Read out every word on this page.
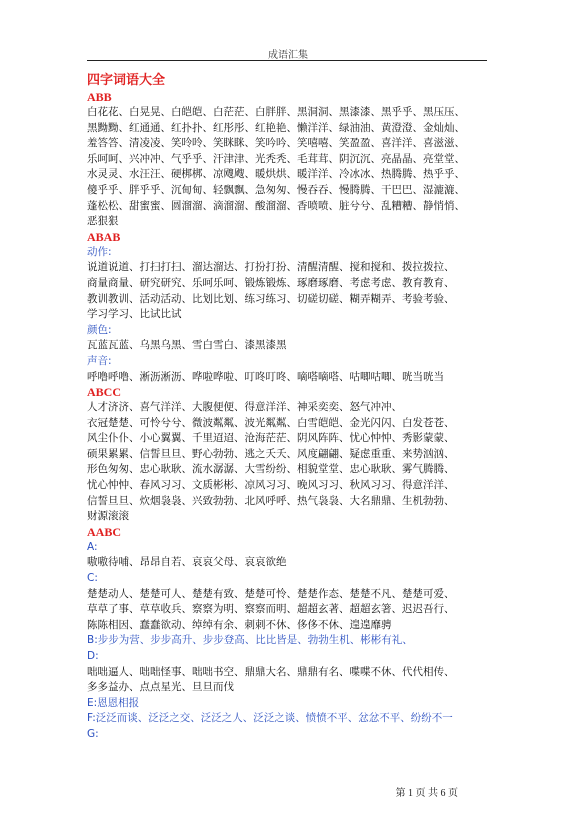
成语汇集

四字词语大全

ABB

白花花、白晃晃、白皑皑、白茫茫、白胖胖、黑洞洞、黑漆漆、黑乎乎、黑压压、

黑黝黝、红通通、红扑扑、红彤彤、红艳艳、懒洋洋、绿油油、黄澄澄、金灿灿、

羞答答、清凌凌、笑呤呤、笑眯眯、笑吟吟、笑嘻嘻、笑盈盈、喜洋洋、喜滋滋、

乐呵呵、兴冲冲、气乎乎、汗津津、光秃秃、毛茸茸、阴沉沉、亮晶晶、亮堂堂、

水灵灵、水汪汪、硬梆梆、凉飕飕、暖烘烘、暖洋洋、冷冰冰、热腾腾、热乎乎、

傻乎乎、胖乎乎、沉甸甸、轻飘飘、急匆匆、慢吞吞、慢腾腾、干巴巴、湿漉漉、

蓬松松、甜蜜蜜、圆溜溜、滴溜溜、酸溜溜、香喷喷、脏兮兮、乱糟糟、静悄悄、

恶狠狠

ABAB

动作:

说道说道、打扫打扫、溜达溜达、打扮打扮、清醒清醒、搅和搅和、拨拉拨拉、

商量商量、研究研究、乐呵乐呵、锻炼锻炼、琢磨琢磨、考虑考虑、教育教育、

教训教训、活动活动、比划比划、练习练习、切磋切磋、糊弄糊弄、考验考验、

学习学习、比试比试

颜色:

瓦蓝瓦蓝、乌黑乌黑、雪白雪白、漆黑漆黑

声音:

呼噜呼噜、淅沥淅沥、哗啦哗啦、叮咚叮咚、嘀嗒嘀嗒、咕唧咕唧、咣当咣当

ABCC

人才济济、喜气洋洋、大腹便便、得意洋洋、神采奕奕、怒气冲冲、

衣冠楚楚、可怜兮兮、微波粼粼、波光粼粼、白雪皑皑、金光闪闪、白发苍苍、

风尘仆仆、小心翼翼、千里迢迢、沧海茫茫、阴风阵阵、忧心忡忡、秀影蒙蒙、

硕果累累、信誓旦旦、野心勃勃、逃之夭夭、风度翩翩、疑虑重重、来势汹汹、

形色匆匆、忠心耿耿、流水潺潺、大雪纷纷、相貌堂堂、忠心耿耿、雾气腾腾、

忧心忡忡、春风习习、文质彬彬、凉风习习、晚风习习、秋风习习、得意洋洋、

信誓旦旦、炊烟袅袅、兴致勃勃、北风呼呼、热气袅袅、大名鼎鼎、生机勃勃、

财源滚滚

AABC

A:

嗷嗷待哺、昂昂自若、哀哀父母、哀哀欲绝

C:

楚楚动人、楚楚可人、楚楚有致、楚楚可怜、楚楚作态、楚楚不凡、楚楚可爱、

草草了事、草草收兵、察察为明、察察而明、超超玄著、超超玄箸、迟迟吾行、

陈陈相因、蠢蠢欲动、绰绰有余、刺刺不休、侈侈不休、遑遑靡骋

B:步步为营、步步高升、步步登高、比比皆是、勃勃生机、彬彬有礼、

D:

咄咄逼人、咄咄怪事、咄咄书空、鼎鼎大名、鼎鼎有名、喋喋不休、代代相传、

多多益办、点点星光、旦旦而伐

E:恩恩相报

F:泛泛而谈、泛泛之交、泛泛之人、泛泛之谈、愤愤不平、忿忿不平、纷纷不一

G:

第 1 页 共 6 页
